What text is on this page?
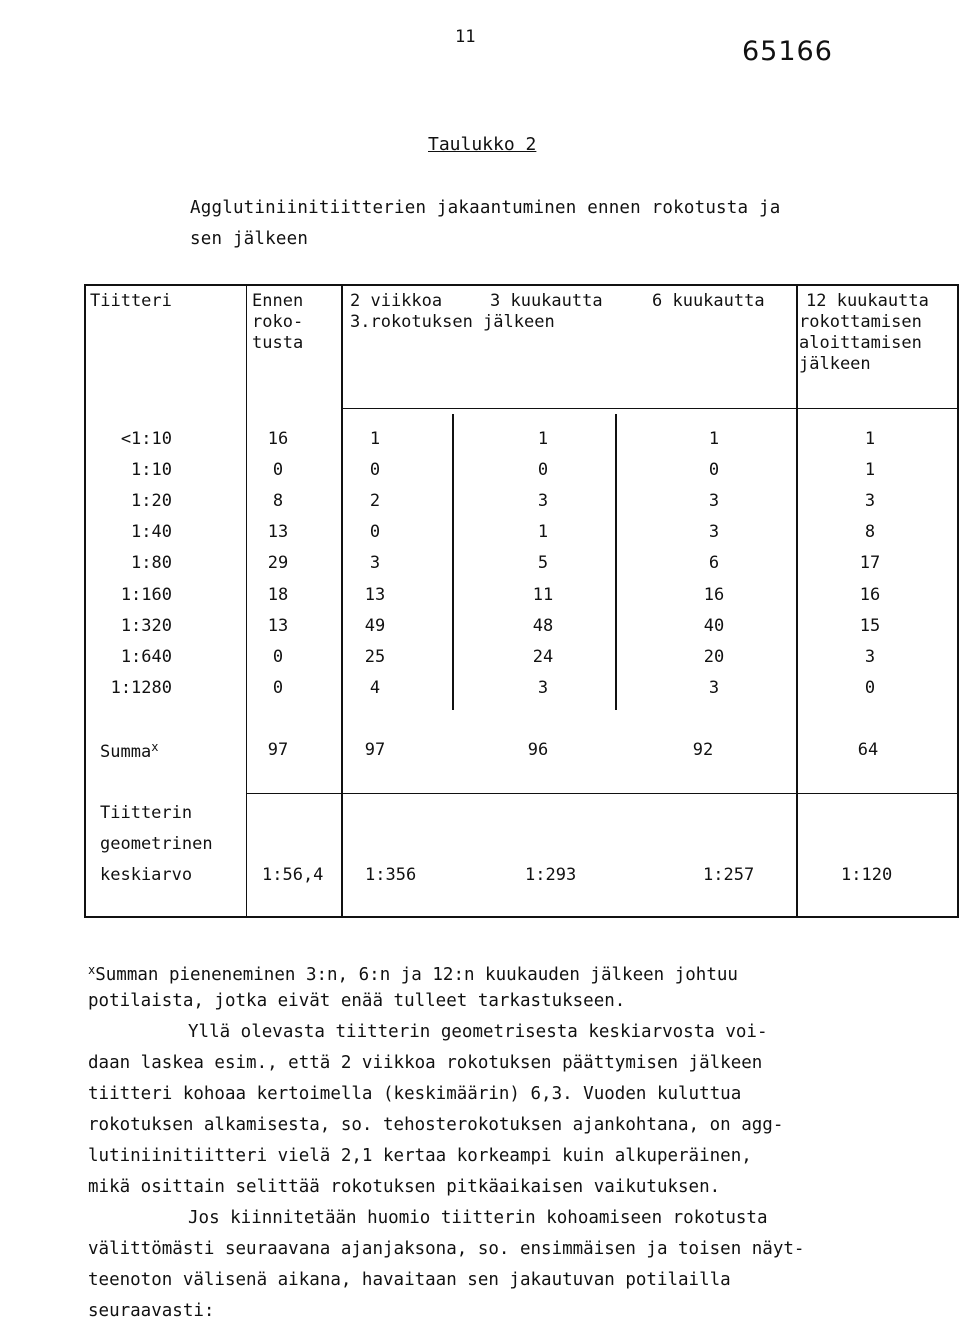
11	65166
Taulukko 2
Agglutiniinitiitterien jakaantuminen ennen rokotusta ja
sen jälkeen
Tiitteri	Ennen
roko-
tusta
2 viikkoa	3 kuukautta	6 kuukautta
3.rokotuksen jälkeen
12 kuukautta
rokottamisen
aloittamisen
jälkeen
<1:10	16	1	1	1	1
1:10	0	0	0	0	1
1:20	8	2	3	3	3
1:40	13	0	1	3	8
1:80	29	3	5	6	17
1:160	18	13	11	16	16
1:320	13	49	48	40	15
1:640	0	25	24	20	3
1:1280	0	4	3	3	0
Summa$^x$	97	97	96	92	64
Tiitterin
geometrinen
keskiarvo	1:56,4 1:356	1:293	1:257	1:120
$^x$Summan pieneneminen 3:n, 6:n ja 12:n kuukauden jälkeen johtuu
potilaista, jotka eivät enää tulleet tarkastukseen.
Yllä olevasta tiitterin geometrisesta keskiarvosta voi-
daan laskea esim., että 2 viikkoa rokotuksen päättymisen jälkeen
tiitteri kohoaa kertoimella (keskimäärin) 6,3. Vuoden kuluttua
rokotuksen alkamisesta, so. tehosterokotuksen ajankohtana, on agg-
lutiniinitiitteri vielä 2,1 kertaa korkeampi kuin alkuperäinen,
mikä osittain selittää rokotuksen pitkäaikaisen vaikutuksen.
Jos kiinnitetään huomio tiitterin kohoamiseen rokotusta
välittömästi seuraavana ajanjaksona, so. ensimmäisen ja toisen näyt-
teenoton välisenä aikana, havaitaan sen jakautuvan potilailla
seuraavasti:
